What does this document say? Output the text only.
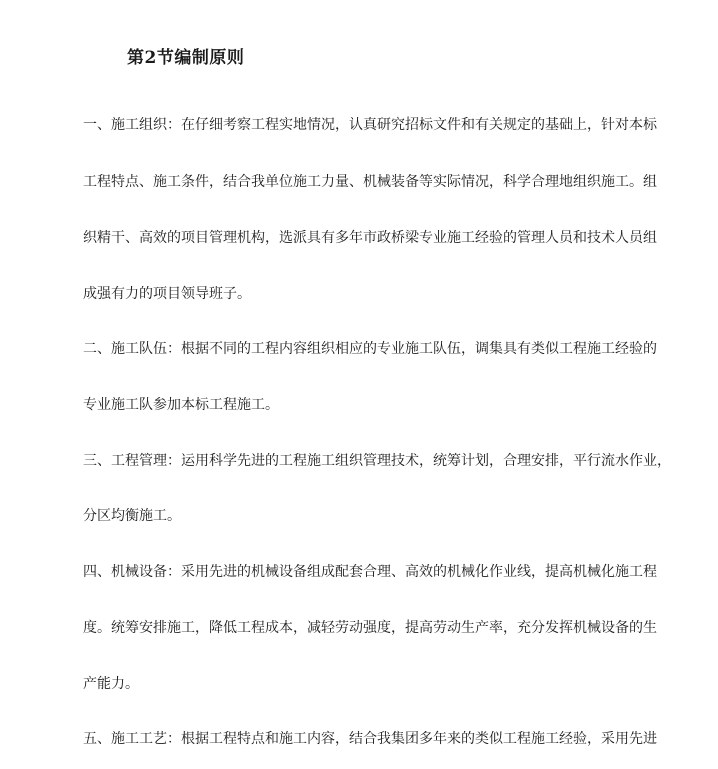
第2节编制原则
一、施工组织：在仔细考察工程实地情况，认真研究招标文件和有关规定的基础上，针对本标
工程特点、施工条件，结合我单位施工力量、机械装备等实际情况，科学合理地组织施工。组
织精干、高效的项目管理机构，选派具有多年市政桥梁专业施工经验的管理人员和技术人员组
成强有力的项目领导班子。
二、施工队伍：根据不同的工程内容组织相应的专业施工队伍，调集具有类似工程施工经验的
专业施工队参加本标工程施工。
三、工程管理：运用科学先进的工程施工组织管理技术，统筹计划，合理安排，平行流水作业，
分区均衡施工。
四、机械设备：采用先进的机械设备组成配套合理、高效的机械化作业线，提高机械化施工程
度。统筹安排施工，降低工程成本，减轻劳动强度，提高劳动生产率，充分发挥机械设备的生
产能力。
五、施工工艺：根据工程特点和施工内容，结合我集团多年来的类似工程施工经验，采用先进
